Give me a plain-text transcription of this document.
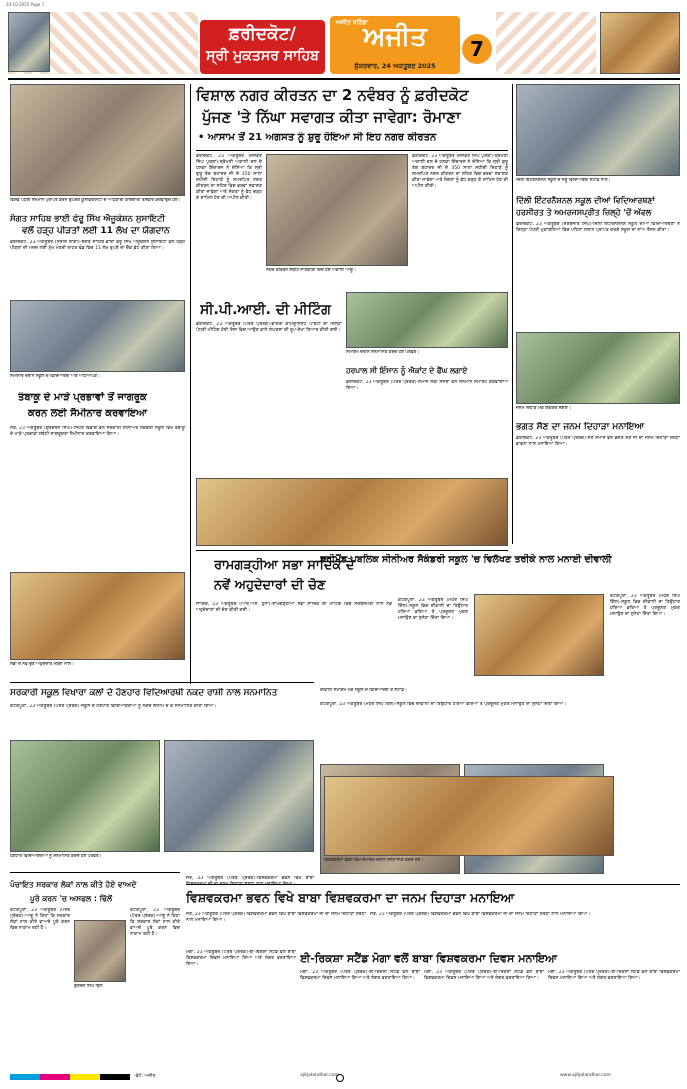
24-10-2025 Page 7
ਫ਼ਰੀਦਕੋਟ/
ਸ੍ਰੀ ਮੁਕਤਸਰ ਸਾਹਿਬ
ਅਜੀਤ ਬਠਿੰਡਾ
ਅਜੀਤ
ਸ਼ੁੱਕਰਵਾਰ, 24 ਅਕਤੂਬਰ 2025
7
ਵਿਸ਼ਵ ਪੱਧਰੀ ਸਨਮਾਨ ਪ੍ਰਾਪਤ ਕਰਨ ਉਪਰੰਤ ਯੂਨੀਵਰਸਿਟੀ ਦੇ ਅਧਿਕਾਰੀ ਯਾਦਗਾਰੀ ਤਸਵੀਰ ਕਰਵਾਉਂਦੇ ਹੋਏ।
ਸੰਗਤ ਸਾਹਿਬ ਭਾਈ ਫੇਰੂ ਸਿੱਖ ਐਜੂਕੇਸ਼ਨ ਸੁਸਾਇਟੀ
ਵਲੋਂ ਹੜ੍ਹ ਪੀੜਤਾਂ ਲਈ 11 ਲੱਖ ਦਾ ਯੋਗਦਾਨ
ਫ਼ਰੀਦਕੋਟ, 23 ਅਕਤੂਬਰ (ਸਤੀਸ਼ ਬਾਗ਼ੀ)-ਸੰਗਤ ਸਾਹਿਬ ਭਾਈ ਫੇਰੂ ਸਿੱਖ ਐਜੂਕੇਸ਼ਨ ਸੁਸਾਇਟੀ ਵਲੋਂ ਹੜ੍ਹ ਪੀੜਤਾਂ ਦੀ ਮਦਦ ਲਈ ਮੁੱਖ ਮੰਤਰੀ ਰਾਹਤ ਫੰਡ ਵਿਚ 11 ਲੱਖ ਰੁਪਏ ਦਾ ਚੈੱਕ ਭੇਟ ਕੀਤਾ ਗਿਆ।
ਸੈਮੀਨਾਰ ਦੌਰਾਨ ਸਕੂਲ ਦੇ ਵਿਦਿਆਰਥੀ ਅਤੇ ਅਧਿਆਪਕ।
ਤੰਬਾਕੂ ਦੇ ਮਾੜੇ ਪ੍ਰਭਾਵਾਂ ਤੋਂ ਜਾਗਰੂਕ
ਕਰਨ ਲਈ ਸੈਮੀਨਾਰ ਕਰਵਾਇਆ
ਜੈਤੋ, 23 ਅਕਤੂਬਰ (ਗੁਰਚਰਨ ਸਿੰਘ)-ਸਿਹਤ ਵਿਭਾਗ ਵਲੋਂ ਸਰਕਾਰੀ ਸੀਨੀਅਰ ਸੈਕੰਡਰੀ ਸਕੂਲ ਵਿਖੇ ਤੰਬਾਕੂ ਦੇ ਮਾੜੇ ਪ੍ਰਭਾਵਾਂ ਸਬੰਧੀ ਜਾਗਰੂਕਤਾ ਸੈਮੀਨਾਰ ਕਰਵਾਇਆ ਗਿਆ।
ਸਭਾ ਦੇ ਨਵੇਂ ਚੁਣੇ ਅਹੁਦੇਦਾਰ ਮੈਂਬਰਾਂ ਨਾਲ।
ਵਿਸ਼ਾਲ ਨਗਰ ਕੀਰਤਨ ਦਾ 2 ਨਵੰਬਰ ਨੂੰ ਫ਼ਰੀਦਕੋਟ
ਪੁੱਜਣ 'ਤੇ ਨਿੱਘਾ ਸਵਾਗਤ ਕੀਤਾ ਜਾਵੇਗਾ: ਰੋਮਾਣਾ
• ਆਸਾਮ ਤੋਂ 21 ਅਗਸਤ ਨੂੰ ਸ਼ੁਰੂ ਹੋਇਆ ਸੀ ਇਹ ਨਗਰ ਕੀਰਤਨ
ਫ਼ਰੀਦਕੋਟ, 23 ਅਕਤੂਬਰ (ਜਸਵੰਤ ਸਿੰਘ ਪੁਰਬਾ)-ਸ਼੍ਰੋਮਣੀ ਅਕਾਲੀ ਦਲ ਦੇ ਹਲਕਾ ਇੰਚਾਰਜ ਨੇ ਦੱਸਿਆ ਕਿ ਸ੍ਰੀ ਗੁਰੂ ਤੇਗ ਬਹਾਦਰ ਜੀ ਦੇ 350 ਸਾਲਾ ਸ਼ਹੀਦੀ ਦਿਹਾੜੇ ਨੂੰ ਸਮਰਪਿਤ ਨਗਰ ਕੀਰਤਨ ਦਾ ਸ਼ਹਿਰ ਵਿਚ ਭਰਵਾਂ ਸਵਾਗਤ ਕੀਤਾ ਜਾਵੇਗਾ ਅਤੇ ਸੰਗਤਾਂ ਨੂੰ ਵੱਧ ਚੜ੍ਹ ਕੇ ਸ਼ਾਮਿਲ ਹੋਣ ਦੀ ਅਪੀਲ ਕੀਤੀ।
ਨਗਰ ਕੀਰਤਨ ਸਬੰਧੀ ਜਾਣਕਾਰੀ ਦਿੰਦੇ ਹੋਏ ਅਕਾਲੀ ਆਗੂ।
ਫ਼ਰੀਦਕੋਟ, 23 ਅਕਤੂਬਰ (ਜਸਵੰਤ ਸਿੰਘ ਪੁਰਬਾ)-ਸ਼੍ਰੋਮਣੀ ਅਕਾਲੀ ਦਲ ਦੇ ਹਲਕਾ ਇੰਚਾਰਜ ਨੇ ਦੱਸਿਆ ਕਿ ਸ੍ਰੀ ਗੁਰੂ ਤੇਗ ਬਹਾਦਰ ਜੀ ਦੇ 350 ਸਾਲਾ ਸ਼ਹੀਦੀ ਦਿਹਾੜੇ ਨੂੰ ਸਮਰਪਿਤ ਨਗਰ ਕੀਰਤਨ ਦਾ ਸ਼ਹਿਰ ਵਿਚ ਭਰਵਾਂ ਸਵਾਗਤ ਕੀਤਾ ਜਾਵੇਗਾ ਅਤੇ ਸੰਗਤਾਂ ਨੂੰ ਵੱਧ ਚੜ੍ਹ ਕੇ ਸ਼ਾਮਿਲ ਹੋਣ ਦੀ ਅਪੀਲ ਕੀਤੀ।
ਸੀ.ਪੀ.ਆਈ. ਦੀ ਮੀਟਿੰਗ
ਫ਼ਰੀਦਕੋਟ, 23 ਅਕਤੂਬਰ (ਪੱਤਰ ਪ੍ਰੇਰਕ)-ਭਾਰਤੀ ਕਮਿਊਨਿਸਟ ਪਾਰਟੀ ਦੀ ਜ਼ਿਲ੍ਹਾ ਪੱਧਰੀ ਮੀਟਿੰਗ ਹੋਈ ਜਿਸ ਵਿਚ ਆਉਣ ਵਾਲੇ ਸੰਘਰਸ਼ਾਂ ਦੀ ਰੂਪ-ਰੇਖਾ ਤਿਆਰ ਕੀਤੀ ਗਈ।
ਸਮਾਗਮ ਦੌਰਾਨ ਸਨਮਾਨਿਤ ਕਰਦੇ ਹੋਏ ਪਤਵੰਤੇ।
ਹਰਪਾਲ ਸੀ ਇੰਸਾਨ ਨੂੰ ਐਕਾਂਟ ਦੇ ਫੈਂਘ ਲਗਾਏ
ਫ਼ਰੀਦਕੋਟ, 23 ਅਕਤੂਬਰ (ਪੱਤਰ ਪ੍ਰੇਰਕ)-ਸਮਾਜ ਸੇਵੀ ਸੰਸਥਾ ਵਲੋਂ ਸਨਮਾਨ ਸਮਾਰੋਹ ਕਰਵਾਇਆ ਗਿਆ।
ਰਾਮਗੜ੍ਹੀਆ ਸਭਾ ਸਾਦਿਕ ਦੇ
ਨਵੇਂ ਅਹੁਦੇਦਾਰਾਂ ਦੀ ਚੋਣ
ਸਾਦਿਕ, 23 ਅਕਤੂਬਰ (ਆਰ.ਐਸ. ਧੁੰਨਾ)-ਰਾਮਗੜ੍ਹੀਆ ਸਭਾ ਸਾਦਿਕ ਦੀ ਮੀਟਿੰਗ ਵਿਚ ਸਰਬਸੰਮਤੀ ਨਾਲ ਨਵੇਂ ਅਹੁਦੇਦਾਰਾਂ ਦੀ ਚੋਣ ਕੀਤੀ ਗਈ।
ਦਿੱਲੀ ਇੰਟਰਨੈਸ਼ਨਲ ਸਕੂਲ ਦੇ ਜੇਤੂ ਵਿਦਿਆਰਥੀ ਸਟਾਫ਼ ਨਾਲ।
ਦਿੱਲੀ ਇੰਟਰਨੈਸ਼ਨਲ ਸਕੂਲ ਦੀਆਂ ਵਿਦਿਆਰਥਣਾਂ
ਹਰਸੀਰਤ ਤੇ ਅਮਰਜਸਪ੍ਰੀਤ ਜ਼ਿਲ੍ਹੇ 'ਚੋਂ ਅੱਵਲ
ਫ਼ਰੀਦਕੋਟ, 23 ਅਕਤੂਬਰ (ਸਰਬਜੀਤ ਸਿੰਘ)-ਦਿੱਲੀ ਇੰਟਰਨੈਸ਼ਨਲ ਸਕੂਲ ਦੀਆਂ ਵਿਦਿਆਰਥਣਾਂ ਨੇ ਜ਼ਿਲ੍ਹਾ ਪੱਧਰੀ ਮੁਕਾਬਲਿਆਂ ਵਿਚ ਪਹਿਲਾ ਸਥਾਨ ਪ੍ਰਾਪਤ ਕਰਕੇ ਸਕੂਲ ਦਾ ਨਾਂਅ ਰੌਸ਼ਨ ਕੀਤਾ।
ਜਨਮ ਦਿਹਾੜੇ ਮੌਕੇ ਇਕੱਤਰ ਸੰਗਤਾਂ।
ਭਗਤ ਸੈਣ ਦਾ ਜਨਮ ਦਿਹਾੜਾ ਮਨਾਇਆ
ਫ਼ਰੀਦਕੋਟ, 23 ਅਕਤੂਬਰ (ਪੱਤਰ ਪ੍ਰੇਰਕ)-ਸੈਣ ਸਮਾਜ ਵਲੋਂ ਭਗਤ ਸੈਣ ਜੀ ਦਾ ਜਨਮ ਦਿਹਾੜਾ ਸ਼ਰਧਾ ਭਾਵਨਾ ਨਾਲ ਮਨਾਇਆ ਗਿਆ।
ਡਰੀਮੈਂਡ ਪਬਲਿਕ ਸੀਨੀਅਰ ਸੈਕੰਡਰੀ ਸਕੂਲ 'ਚ ਵਿਲੱਖਣ ਤਰੀਕੇ ਨਾਲ ਮਨਾਈ ਦੀਵਾਲੀ
ਕੋਟਕਪੂਰਾ, 23 ਅਕਤੂਬਰ (ਮੋਹਰ ਸਿੰਘ ਗਿੱਲ)-ਸਕੂਲ ਵਿਚ ਦੀਵਾਲੀ ਦਾ ਤਿਉਹਾਰ ਹਰਿਆ ਭਰਿਆ ਤੇ ਪ੍ਰਦੂਸ਼ਣ ਮੁਕਤ ਮਨਾਉਣ ਦਾ ਸੁਨੇਹਾ ਦਿੱਤਾ ਗਿਆ।
ਕੋਟਕਪੂਰਾ, 23 ਅਕਤੂਬਰ (ਮੋਹਰ ਸਿੰਘ ਗਿੱਲ)-ਸਕੂਲ ਵਿਚ ਦੀਵਾਲੀ ਦਾ ਤਿਉਹਾਰ ਹਰਿਆ ਭਰਿਆ ਤੇ ਪ੍ਰਦੂਸ਼ਣ ਮੁਕਤ ਮਨਾਉਣ ਦਾ ਸੁਨੇਹਾ ਦਿੱਤਾ ਗਿਆ।
ਦੀਵਾਲੀ ਸਮਾਗਮ ਮੌਕੇ ਸਕੂਲ ਦੇ ਵਿਦਿਆਰਥੀ ਤੇ ਸਟਾਫ਼।
ਕੋਟਕਪੂਰਾ, 23 ਅਕਤੂਬਰ (ਮੋਹਰ ਸਿੰਘ ਗਿੱਲ)-ਸਕੂਲ ਵਿਚ ਦੀਵਾਲੀ ਦਾ ਤਿਉਹਾਰ ਹਰਿਆ ਭਰਿਆ ਤੇ ਪ੍ਰਦੂਸ਼ਣ ਮੁਕਤ ਮਨਾਉਣ ਦਾ ਸੁਨੇਹਾ ਦਿੱਤਾ ਗਿਆ।
ਸਰਕਾਰੀ ਸਕੂਲ ਵਿਖਾਰਾ ਕਲਾਂ ਦੇ ਹੋਣਹਾਰ ਵਿਦਿਆਰਥੀ ਨਕਦ ਰਾਸ਼ੀ ਨਾਲ ਸਨਮਾਨਿਤ
ਕੋਟਕਪੂਰਾ, 23 ਅਕਤੂਬਰ (ਪੱਤਰ ਪ੍ਰੇਰਕ)-ਸਕੂਲ ਦੇ ਹੋਣਹਾਰ ਵਿਦਿਆਰਥੀਆਂ ਨੂੰ ਨਕਦ ਇਨਾਮ ਦੇ ਕੇ ਸਨਮਾਨਿਤ ਕੀਤਾ ਗਿਆ।
ਹੋਣਹਾਰ ਵਿਦਿਆਰਥੀਆਂ ਨੂੰ ਸਨਮਾਨਿਤ ਕਰਦੇ ਹੋਏ ਪਤਵੰਤੇ।
ਪੰਚਾਇਤ ਸਰਕਾਰ ਲੋਕਾਂ ਨਾਲ ਕੀਤੇ ਹੋਏ ਵਾਅਦੇ
ਪੂਰੇ ਕਰਨ 'ਚ ਅਸਫਲ : ਢਿੱਲੋਂ
ਕੋਟਕਪੂਰਾ, 23 ਅਕਤੂਬਰ (ਪੱਤਰ ਪ੍ਰੇਰਕ)-ਆਗੂ ਨੇ ਕਿਹਾ ਕਿ ਸਰਕਾਰ ਲੋਕਾਂ ਨਾਲ ਕੀਤੇ ਵਾਅਦੇ ਪੂਰੇ ਕਰਨ ਵਿਚ ਨਾਕਾਮ ਰਹੀ ਹੈ।
ਗੁਰਤੇਜ ਸਿੰਘ ਢਿੱਲੋਂ
ਕੋਟਕਪੂਰਾ, 23 ਅਕਤੂਬਰ (ਪੱਤਰ ਪ੍ਰੇਰਕ)-ਆਗੂ ਨੇ ਕਿਹਾ ਕਿ ਸਰਕਾਰ ਲੋਕਾਂ ਨਾਲ ਕੀਤੇ ਵਾਅਦੇ ਪੂਰੇ ਕਰਨ ਵਿਚ ਨਾਕਾਮ ਰਹੀ ਹੈ।
ਜੈਤੋ, 23 ਅਕਤੂਬਰ (ਪੱਤਰ ਪ੍ਰੇਰਕ)-ਵਿਸ਼ਵਕਰਮਾ ਭਵਨ ਵਿਖੇ ਬਾਬਾ
ਵਿਸ਼ਵਕਰਮਾ ਭਵਨ ਵਿਖੇ ਸਮਾਗਮ ਦੌਰਾਨ ਸਨਮਾਨਿਤ ਕਰਦੇ ਹੋਏ।
ਵਿਸ਼ਵਕਰਮਾ ਭਵਨ ਵਿਖੇ ਬਾਬਾ ਵਿਸ਼ਵਕਰਮਾ ਦਾ ਜਨਮ ਦਿਹਾੜਾ ਮਨਾਇਆ
ਜੈਤੋ, 23 ਅਕਤੂਬਰ (ਪੱਤਰ ਪ੍ਰੇਰਕ)-ਵਿਸ਼ਵਕਰਮਾ ਭਵਨ ਵਿਖੇ ਬਾਬਾ ਵਿਸ਼ਵਕਰਮਾ ਜੀ ਦਾ ਜਨਮ ਦਿਹਾੜਾ ਸ਼ਰਧਾ ਨਾਲ ਮਨਾਇਆ ਗਿਆ।
ਜੈਤੋ, 23 ਅਕਤੂਬਰ (ਪੱਤਰ ਪ੍ਰੇਰਕ)-ਵਿਸ਼ਵਕਰਮਾ ਭਵਨ ਵਿਖੇ ਬਾਬਾ ਵਿਸ਼ਵਕਰਮਾ ਜੀ ਦਾ ਜਨਮ ਦਿਹਾੜਾ ਸ਼ਰਧਾ ਨਾਲ ਮਨਾਇਆ ਗਿਆ।
ਈ-ਰਿਕਸ਼ਾ ਸਟੈਂਡ ਮੋਗਾ ਵਲੋਂ ਬਾਬਾ ਵਿਸ਼ਵਕਰਮਾ ਦਿਵਸ ਮਨਾਇਆ
ਮੋਗਾ, 23 ਅਕਤੂਬਰ (ਪੱਤਰ ਪ੍ਰੇਰਕ)-ਈ-ਰਿਕਸ਼ਾ ਸਟੈਂਡ ਵਲੋਂ ਬਾਬਾ ਵਿਸ਼ਵਕਰਮਾ ਦਿਵਸ ਮਨਾਇਆ ਗਿਆ ਅਤੇ ਲੰਗਰ ਵਰਤਾਇਆ ਗਿਆ।
ਮੋਗਾ, 23 ਅਕਤੂਬਰ (ਪੱਤਰ ਪ੍ਰੇਰਕ)-ਈ-ਰਿਕਸ਼ਾ ਸਟੈਂਡ ਵਲੋਂ ਬਾਬਾ ਵਿਸ਼ਵਕਰਮਾ ਦਿਵਸ ਮਨਾਇਆ ਗਿਆ ਅਤੇ ਲੰਗਰ ਵਰਤਾਇਆ ਗਿਆ।
ਮੋਗਾ, 23 ਅਕਤੂਬਰ (ਪੱਤਰ ਪ੍ਰੇਰਕ)-ਈ-ਰਿਕਸ਼ਾ ਸਟੈਂਡ ਵਲੋਂ ਬਾਬਾ ਵਿਸ਼ਵਕਰਮਾ ਦਿਵਸ ਮਨਾਇਆ ਗਿਆ ਅਤੇ ਲੰਗਰ ਵਰਤਾਇਆ ਗਿਆ।
ਮੋਗਾ, 23 ਅਕਤੂਬਰ (ਪੱਤਰ ਪ੍ਰੇਰਕ)-ਈ-ਰਿਕਸ਼ਾ ਸਟੈਂਡ ਵਲੋਂ ਬਾਬਾ ਵਿਸ਼ਵਕਰਮਾ ਦਿਵਸ ਮਨਾਇਆ ਗਿਆ ਅਤੇ ਲੰਗਰ ਵਰਤਾਇਆ ਗਿਆ।
-ਫੋਟੋ: ਅਜੀਤ	ajitjalandhar.com	www.ajitjalandhar.com
